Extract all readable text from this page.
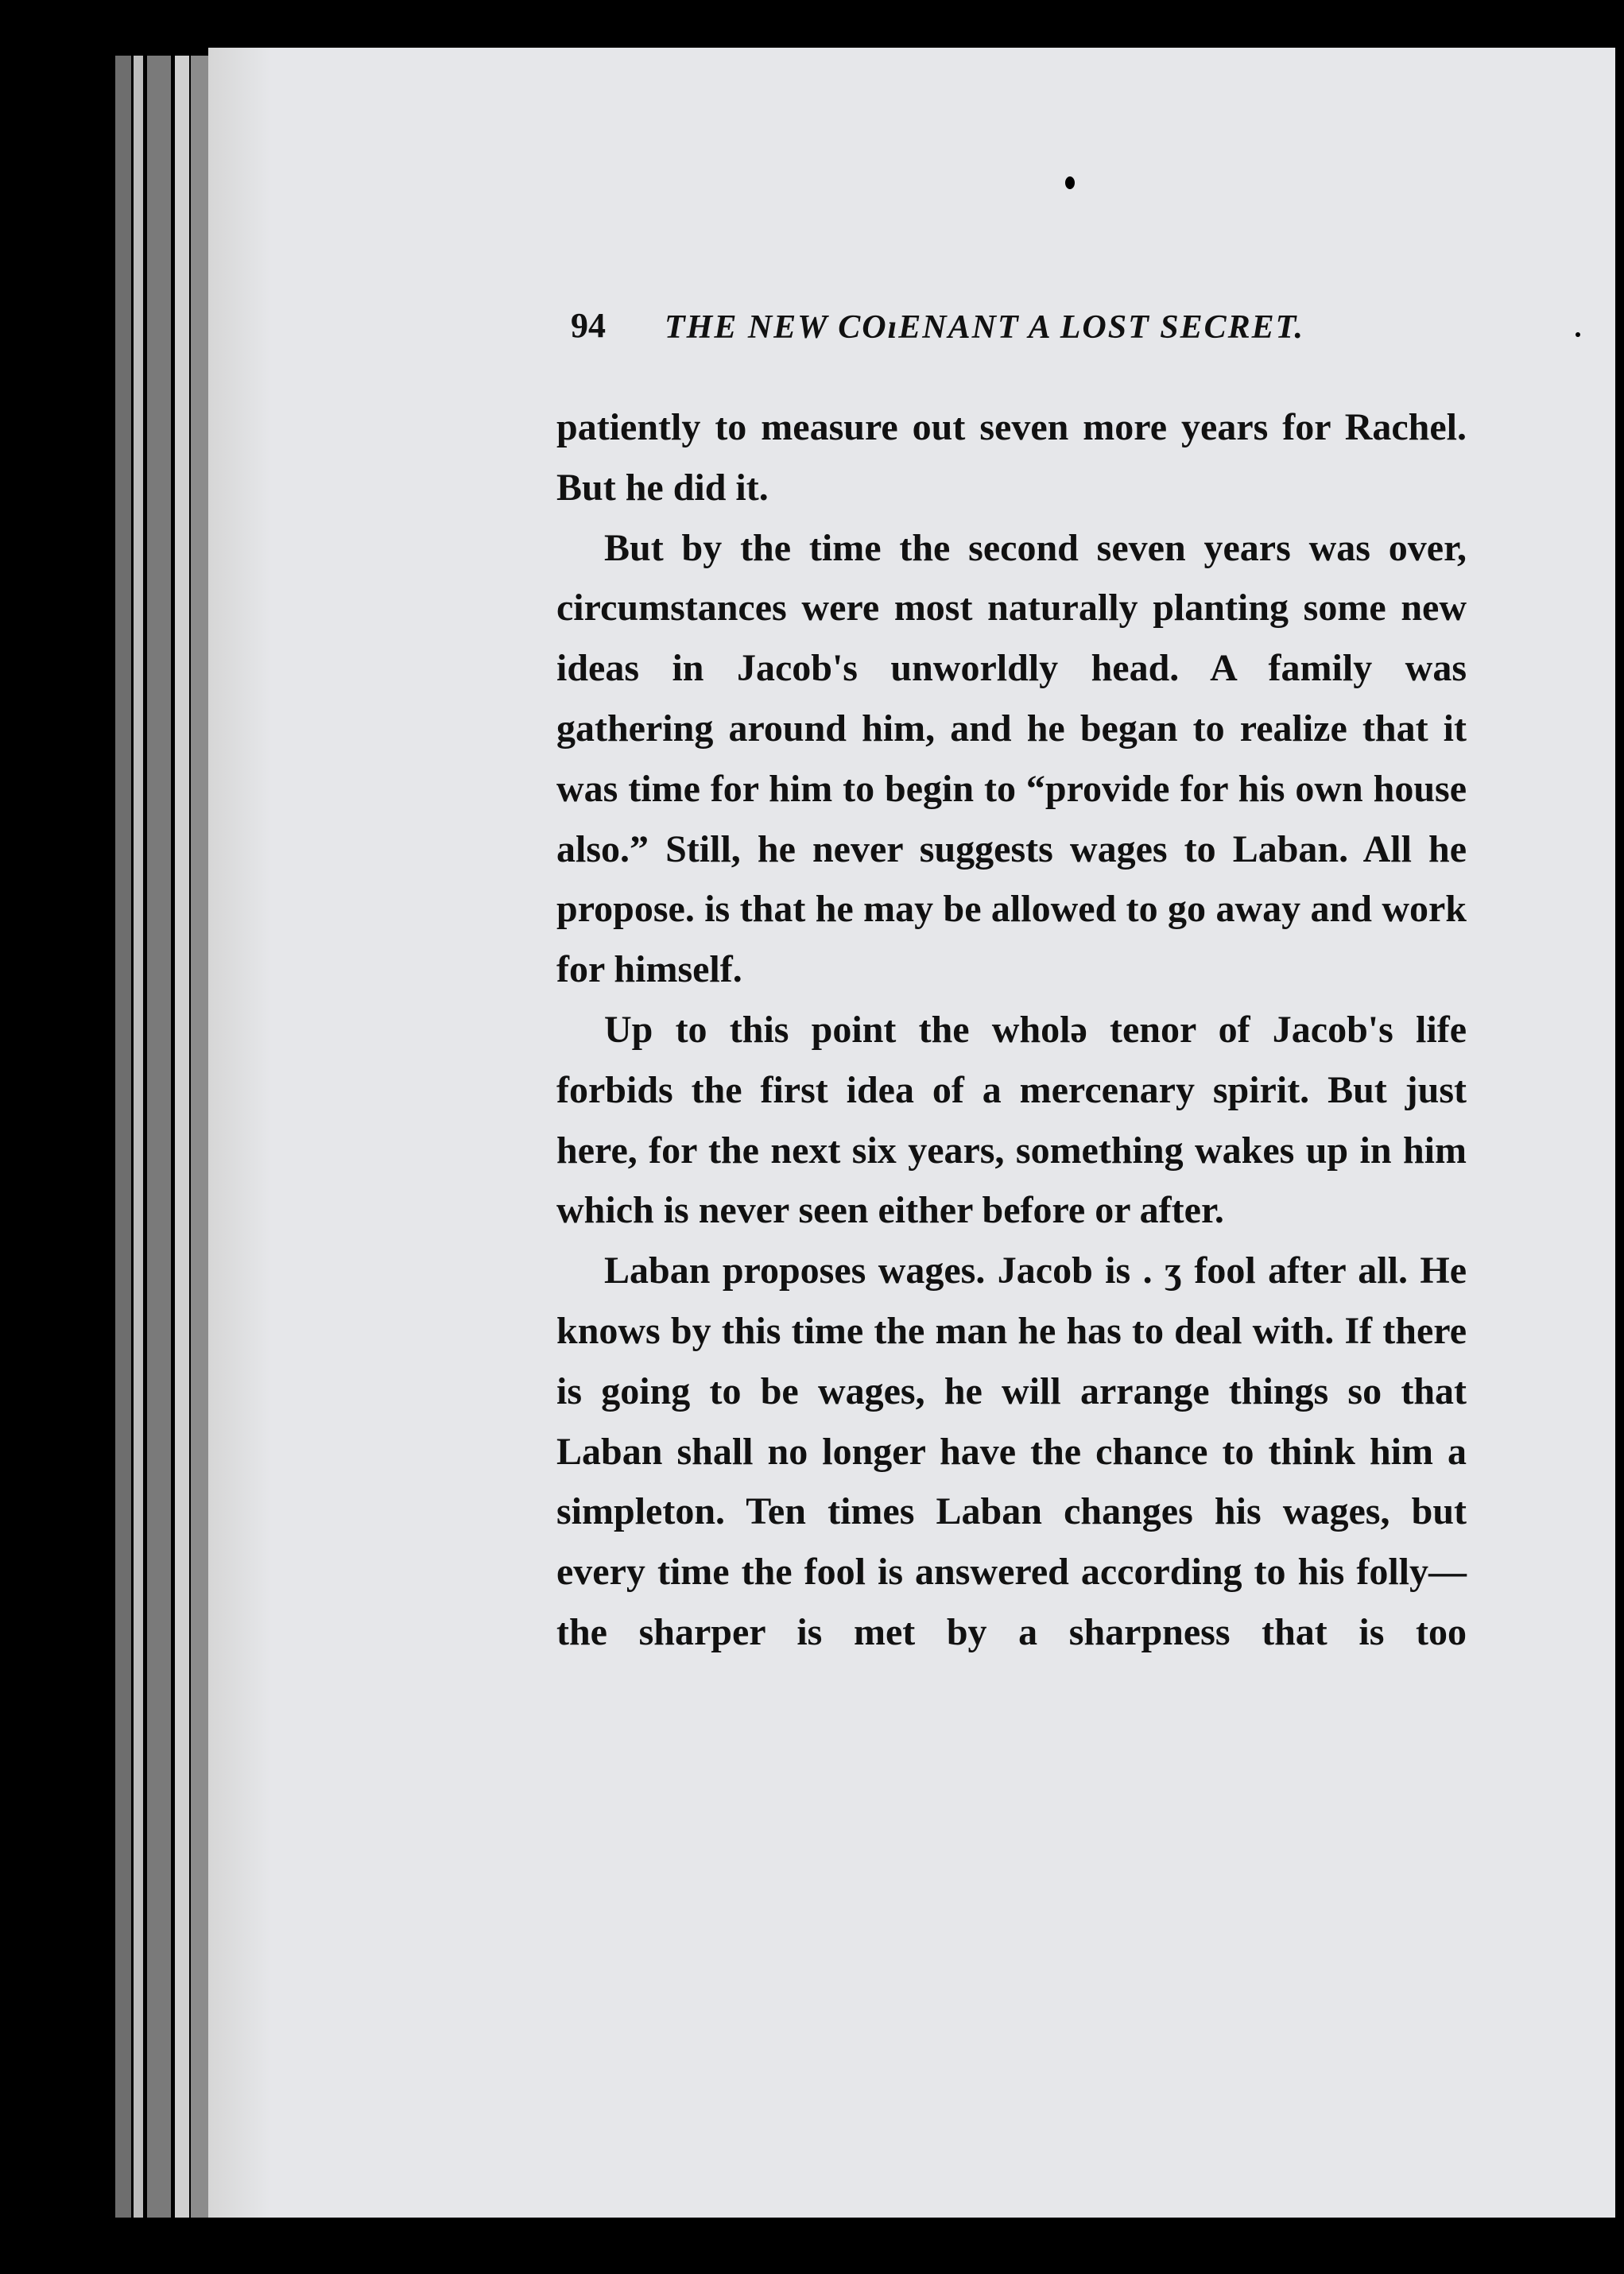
94 THE NEW COıENANT A LOST SECRET.

patiently to measure out seven more years for Rachel. But he did it.

But by the time the second seven years was over, circumstances were most naturally planting some new ideas in Jacob's unworldly head. A family was gathering around him, and he began to realize that it was time for him to begin to “provide for his own house also.” Still, he never suggests wages to Laban. All he propose. is that he may be allowed to go away and work for himself.

Up to this point the wholə tenor of Jacob's life forbids the first idea of a mercenary spirit. But just here, for the next six years, something wakes up in him which is never seen either before or after.

Laban proposes wages. Jacob is . ʒ fool after all. He knows by this time the man he has to deal with. If there is going to be wages, he will arrange things so that Laban shall no longer have the chance to think him a simpleton. Ten times Laban changes his wages, but every time the fool is answered according to his folly— the sharper is met by a sharpness that is too
